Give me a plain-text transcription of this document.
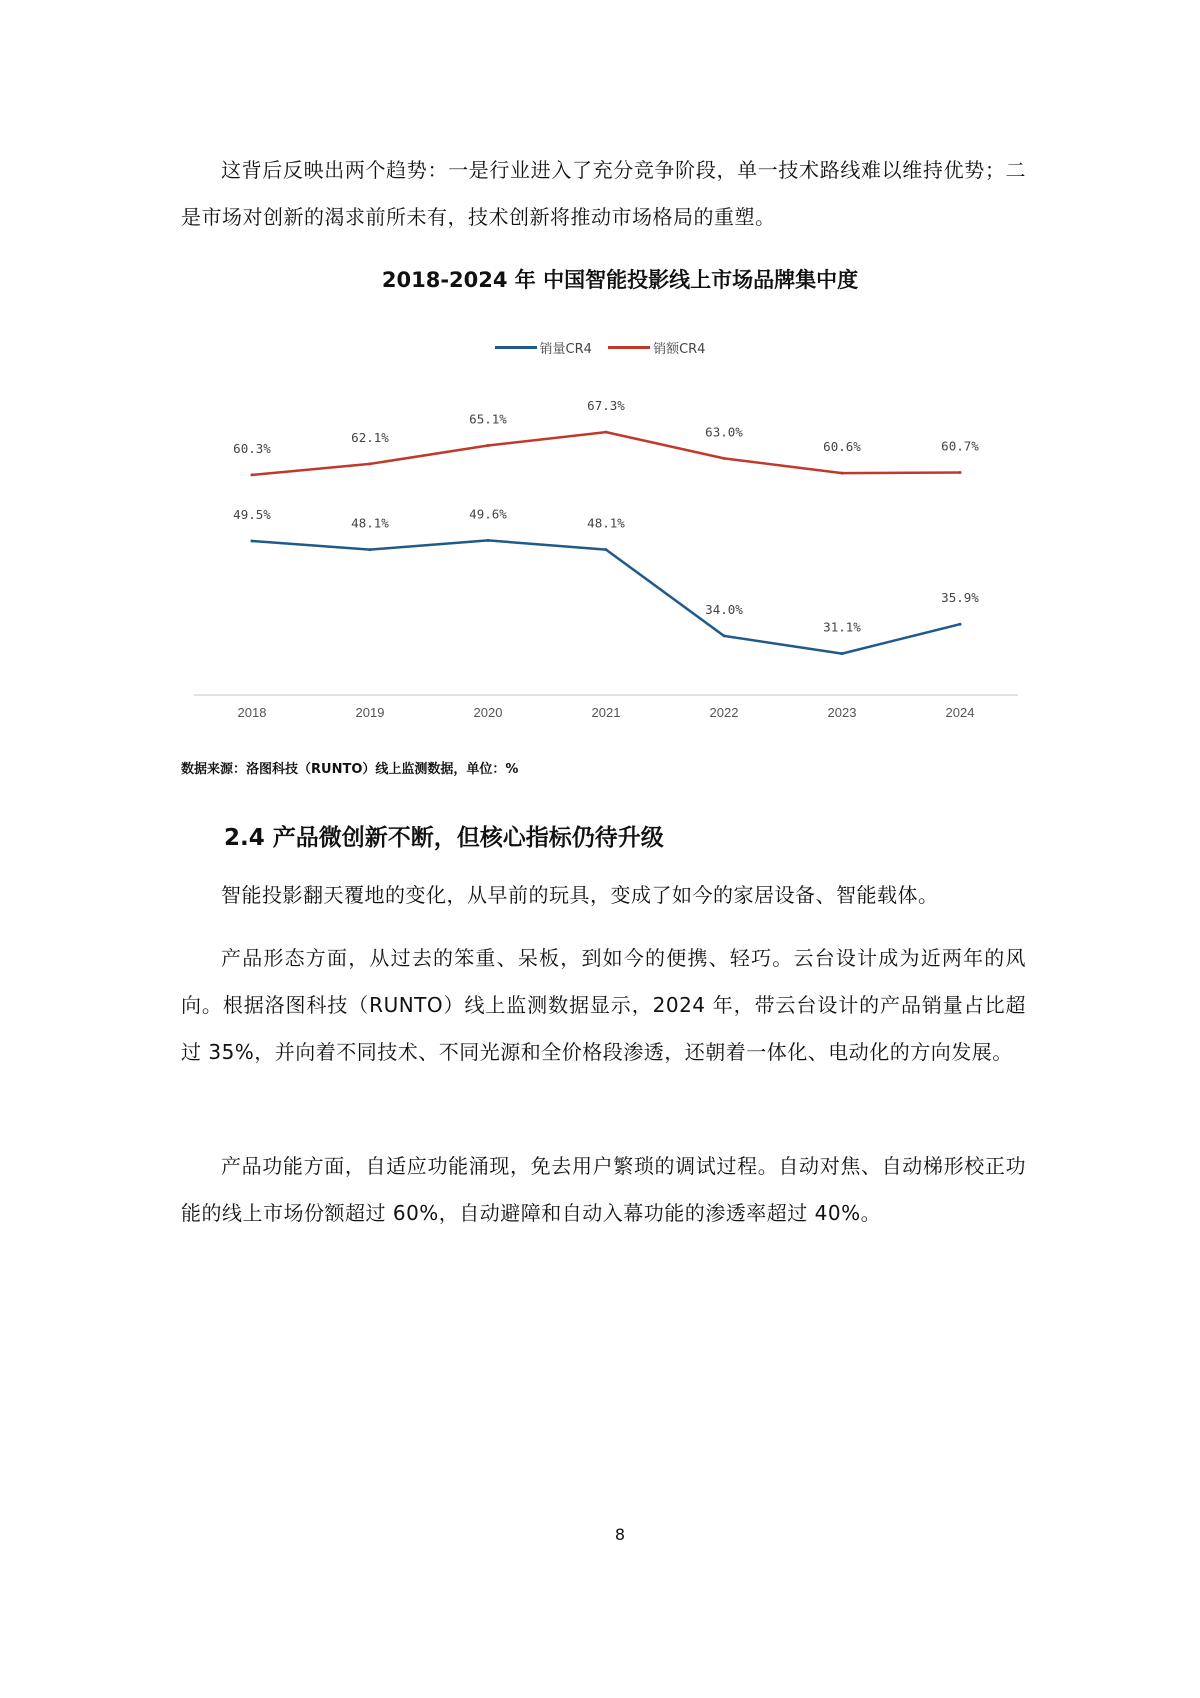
这背后反映出两个趋势：一是行业进入了充分竞争阶段，单一技术路线难以维持优势；二是市场对创新的渴求前所未有，技术创新将推动市场格局的重塑。

2018-2024 年 中国智能投影线上市场品牌集中度
销量CR4
	销额CR4
2018	2019	2020	2021	2022	2023	2024
49.5%
48.1%
49.6%
48.1%
34.0%
31.1%
35.9%
60.3%
62.1%
65.1%
67.3%
63.0%
60.6%	60.7%

数据来源：洛图科技（RUNTO）线上监测数据，单位：%

2.4 产品微创新不断，但核心指标仍待升级

智能投影翻天覆地的变化，从早前的玩具，变成了如今的家居设备、智能载体。

产品形态方面，从过去的笨重、呆板，到如今的便携、轻巧。云台设计成为近两年的风向。根据洛图科技（RUNTO）线上监测数据显示，2024 年，带云台设计的产品销量占比超过 35%，并向着不同技术、不同光源和全价格段渗透，还朝着一体化、电动化的方向发展。

产品功能方面，自适应功能涌现，免去用户繁琐的调试过程。自动对焦、自动梯形校正功能的线上市场份额超过 60%，自动避障和自动入幕功能的渗透率超过 40%。

8
